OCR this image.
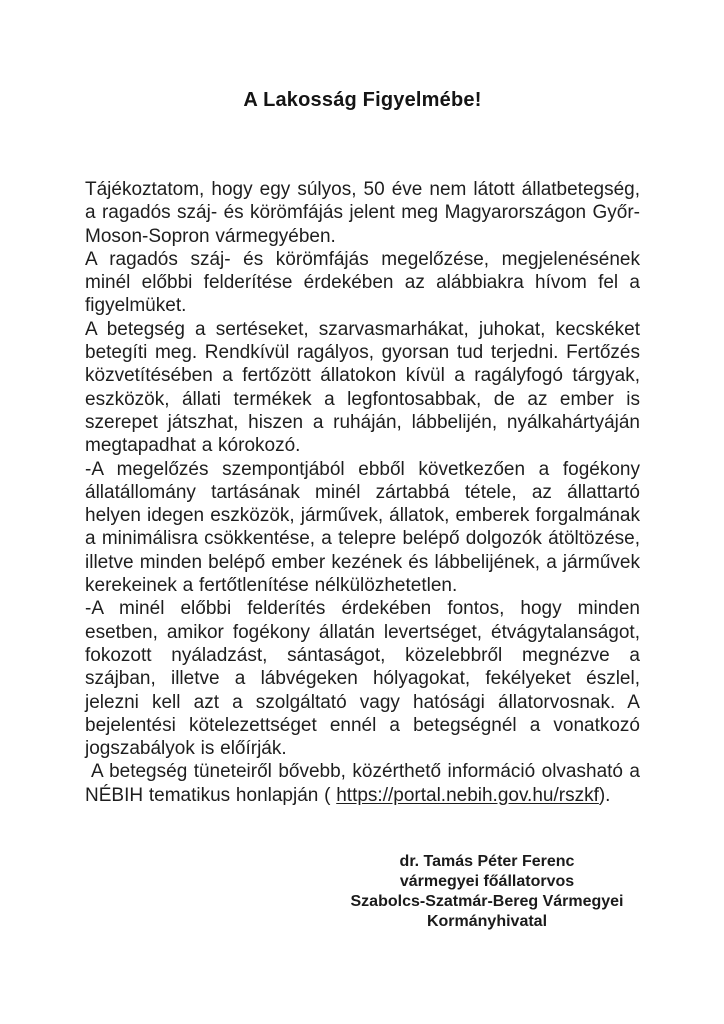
A Lakosság Figyelmébe!

Tájékoztatom, hogy egy súlyos, 50 éve nem látott állatbetegség, a ragadós száj- és körömfájás jelent meg Magyarországon Győr-Moson-Sopron vármegyében.

A ragadós száj- és körömfájás megelőzése, megjelenésének minél előbbi felderítése érdekében az alábbiakra hívom fel a figyelmüket.

A betegség a sertéseket, szarvasmarhákat, juhokat, kecskéket betegíti meg. Rendkívül ragályos, gyorsan tud terjedni. Fertőzés közvetítésében a fertőzött állatokon kívül a ragályfogó tárgyak, eszközök, állati termékek a legfontosabbak, de az ember is szerepet játszhat, hiszen a ruháján, lábbelijén, nyálkahártyáján megtapadhat a kórokozó.

-A megelőzés szempontjából ebből következően a fogékony állatállomány tartásának minél zártabbá tétele, az állattartó helyen idegen eszközök, járművek, állatok, emberek forgalmának a minimálisra csökkentése, a telepre belépő dolgozók átöltözése, illetve minden belépő ember kezének és lábbelijének, a járművek kerekeinek a fertőtlenítése nélkülözhetetlen.

-A minél előbbi felderítés érdekében fontos, hogy minden esetben, amikor fogékony állatán levertséget, étvágytalanságot, fokozott nyáladzást, sántaságot, közelebbről megnézve a szájban, illetve a lábvégeken hólyagokat, fekélyeket észlel, jelezni kell azt a szolgáltató vagy hatósági állatorvosnak. A bejelentési kötelezettséget ennél a betegségnél a vonatkozó jogszabályok is előírják.

A betegség tüneteiről bővebb, közérthető információ olvasható a NÉBIH tematikus honlapján ( https://portal.nebih.gov.hu/rszkf).

dr. Tamás Péter Ferenc
vármegyei főállatorvos
Szabolcs-Szatmár-Bereg Vármegyei
Kormányhivatal
